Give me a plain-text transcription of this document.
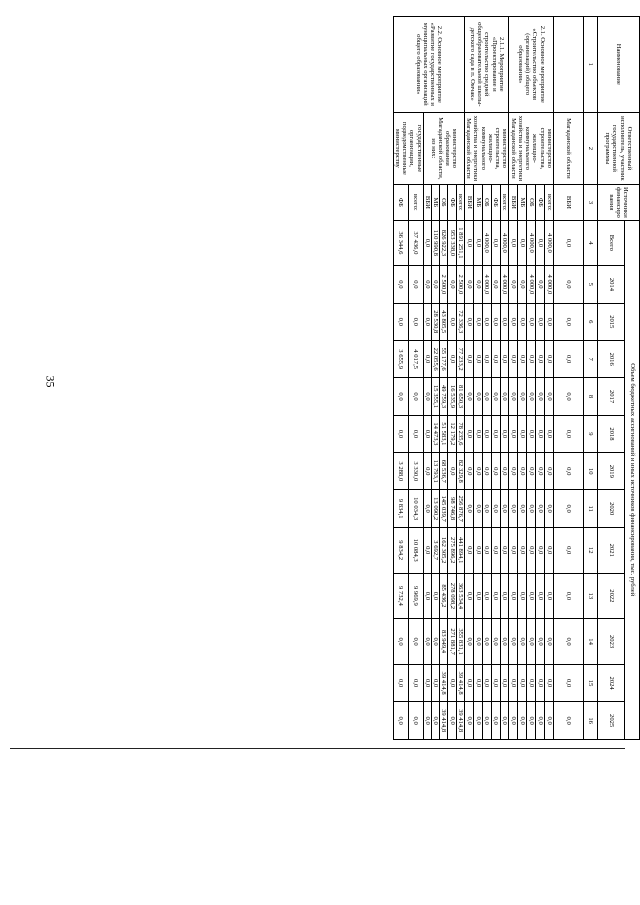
35
Наименование	Ответственный исполнитель, участник государственной программы	Источники финансирования	Объем бюджетных ассигнований и иных источников финансирования, тыс. рублей												
			Всего	2014	2015	2016	2017	2018	2019	2020	2021	2022	2023	2024	2025
1	2	3	4	5	6	7	8	9	10	11	12	13	14	15	16
	Магаданской области	ВБИ	0,0	0,0	0,0	0,0	0,0	0,0	0,0	0,0	0,0	0,0	0,0	0,0	0,0
2.1. Основное мероприятие «Строительство объектов (организаций) общего образования»	министерство строительства, жилищно-коммунального хозяйства и энергетики Магаданской области	всего:	4 000,0	4 000,0	0,0	0,0	0,0	0,0	0,0	0,0	0,0	0,0	0,0	0,0	0,0
		ФБ	0,0	0,0	0,0	0,0	0,0	0,0	0,0	0,0	0,0	0,0	0,0	0,0	0,0
		ОБ	4 000,0	4 000,0	0,0	0,0	0,0	0,0	0,0	0,0	0,0	0,0	0,0	0,0	0,0
		МБ	0,0	0,0	0,0	0,0	0,0	0,0	0,0	0,0	0,0	0,0	0,0	0,0	0,0
		ВБИ	0,0	0,0	0,0	0,0	0,0	0,0	0,0	0,0	0,0	0,0	0,0	0,0	0,0
2.1.1. Мероприятие «Проектирование и строительство средней общеобразовательной школы-детского сада в п. Омчак»	министерство строительства, жилищно-коммунального хозяйства и энергетики Магаданской области	всего:	4 000,0	4 000,0	0,0	0,0	0,0	0,0	0,0	0,0	0,0	0,0	0,0	0,0	0,0
		ФБ	0,0	0,0	0,0	0,0	0,0	0,0	0,0	0,0	0,0	0,0	0,0	0,0	0,0
		ОБ	4 000,0	4 000,0	0,0	0,0	0,0	0,0	0,0	0,0	0,0	0,0	0,0	0,0	0,0
		МБ	0,0	0,0	0,0	0,0	0,0	0,0	0,0	0,0	0,0	0,0	0,0	0,0	0,0
		ВБИ	0,0	0,0	0,0	0,0	0,0	0,0	0,0	0,0	0,0	0,0	0,0	0,0	0,0
2.2. Основное мероприятие «Развитие государственных и муниципальных организаций общего образования»	министерство образования Магаданской области, из них:	всего:	1 891 251,1	2 500,0	72 336,3	77 233,2	81 650,3	78 235,6	82 329,8	256 876,7	441 894,1	363 534,4	355 831,1	39 414,8	39 414,8
		ФБ	953 338,0	0,0	0,0	0,0	16 535,9	12 179,2	0,0	98 746,8	275 896,2	278 098,2	271 881,7	0,0	0,0
		ОБ	826 922,3	2 500,0	43 805,5	55 177,6	49 759,3	51 583,1	68 536,7	145 039,7	162 305,2	85 436,2	83 949,4	39 414,8	39 414,8
		МБ	110 990,8	0,0	28 530,8	22 055,6	15 355,1	14 473,3	13 793,1	13 090,2	3 692,7	0,0	0,0	0,0	0,0
		ВБИ	0,0	0,0	0,0	0,0	0,0	0,0	0,0	0,0	0,0	0,0	0,0	0,0	0,0
	государственные организации, подведомственные министерству	всего:	37 436,0	0,0	0,0	4 017,5	0,0	0,0	3 330,0	10 034,3	10 084,3	9 969,9	0,0	0,0	0,0
		ФБ	36 344,6	0,0	0,0	3 655,9	0,0	0,0	3 288,0	9 834,1	9 834,2	9 732,4	0,0	0,0	0,0
